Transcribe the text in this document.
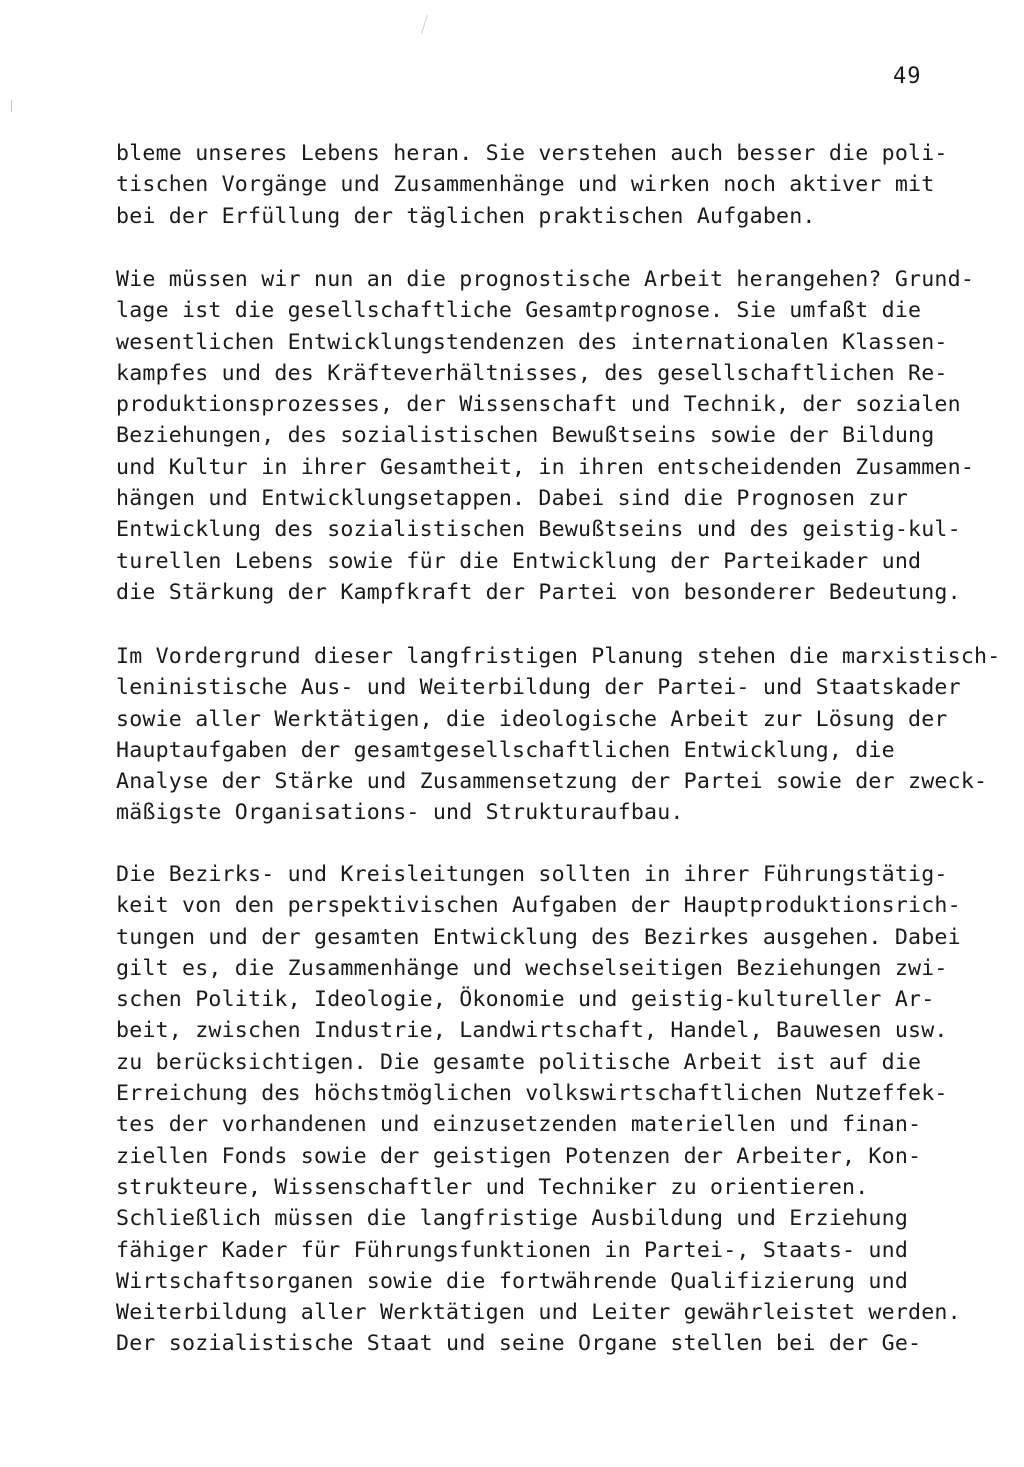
49
bleme unseres Lebens heran. Sie verstehen auch besser die poli-
tischen Vorgänge und Zusammenhänge und wirken noch aktiver mit
bei der Erfüllung der täglichen praktischen Aufgaben.
Wie müssen wir nun an die prognostische Arbeit herangehen? Grund-
lage ist die gesellschaftliche Gesamtprognose. Sie umfaßt die
wesentlichen Entwicklungstendenzen des internationalen Klassen-
kampfes und des Kräfteverhältnisses, des gesellschaftlichen Re-
produktionsprozesses, der Wissenschaft und Technik, der sozialen
Beziehungen, des sozialistischen Bewußtseins sowie der Bildung
und Kultur in ihrer Gesamtheit, in ihren entscheidenden Zusammen-
hängen und Entwicklungsetappen. Dabei sind die Prognosen zur
Entwicklung des sozialistischen Bewußtseins und des geistig-kul-
turellen Lebens sowie für die Entwicklung der Parteikader und
die Stärkung der Kampfkraft der Partei von besonderer Bedeutung.
Im Vordergrund dieser langfristigen Planung stehen die marxistisch-
leninistische Aus- und Weiterbildung der Partei- und Staatskader
sowie aller Werktätigen, die ideologische Arbeit zur Lösung der
Hauptaufgaben der gesamtgesellschaftlichen Entwicklung, die
Analyse der Stärke und Zusammensetzung der Partei sowie der zweck-
mäßigste Organisations- und Strukturaufbau.
Die Bezirks- und Kreisleitungen sollten in ihrer Führungstätig-
keit von den perspektivischen Aufgaben der Hauptproduktionsrich-
tungen und der gesamten Entwicklung des Bezirkes ausgehen. Dabei
gilt es, die Zusammenhänge und wechselseitigen Beziehungen zwi-
schen Politik, Ideologie, Ökonomie und geistig-kultureller Ar-
beit, zwischen Industrie, Landwirtschaft, Handel, Bauwesen usw.
zu berücksichtigen. Die gesamte politische Arbeit ist auf die
Erreichung des höchstmöglichen volkswirtschaftlichen Nutzeffek-
tes der vorhandenen und einzusetzenden materiellen und finan-
ziellen Fonds sowie der geistigen Potenzen der Arbeiter, Kon-
strukteure, Wissenschaftler und Techniker zu orientieren.
Schließlich müssen die langfristige Ausbildung und Erziehung
fähiger Kader für Führungsfunktionen in Partei-, Staats- und
Wirtschaftsorganen sowie die fortwährende Qualifizierung und
Weiterbildung aller Werktätigen und Leiter gewährleistet werden.
Der sozialistische Staat und seine Organe stellen bei der Ge-
